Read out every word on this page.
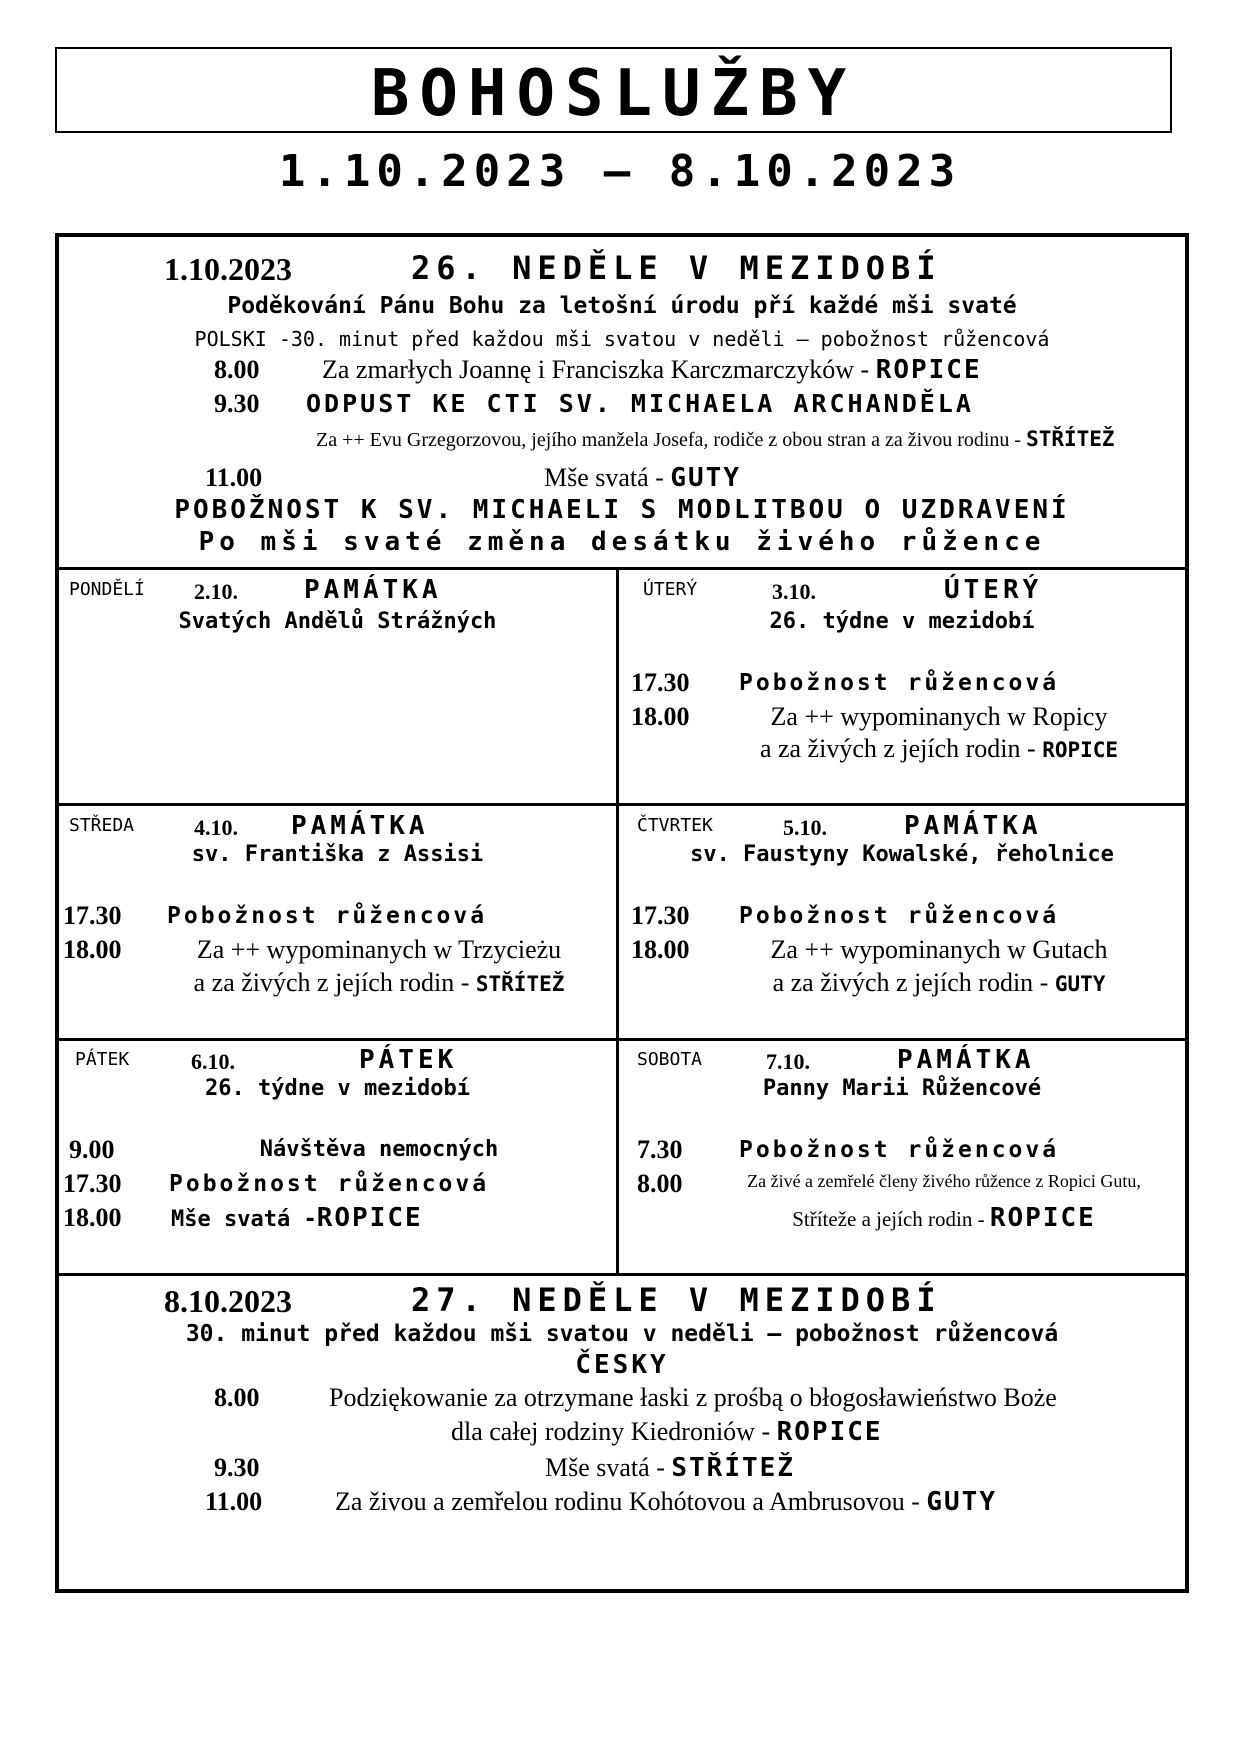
BOHOSLUŽBY
1.10.2023 – 8.10.2023
1.10.2023	26. NEDĚLE V MEZIDOBÍ
Poděkování Pánu Bohu za letošní úrodu pří každé mši svaté
POLSKI -30. minut před každou mši svatou v neděli – pobožnost růžencová
8.00 Za zmarłych Joannę i Franciszka Karczmarczyków - ROPICE
9.30 ODPUST KE CTI SV. MICHAELA ARCHANDĚLA
Za ++ Evu Grzegorzovou, jejího manžela Josefa, rodiče z obou stran a za živou rodinu - STŘÍTEŽ
11.00	Mše svatá - GUTY
POBOŽNOST K SV. MICHAELI S MODLITBOU O UZDRAVENÍ
Po mši svaté změna desátku živého růžence
PONDĚLÍ 2.10.	PAMÁTKA
Svatých Andělů Strážných
ÚTERÝ	3.10.	ÚTERÝ
26. týdne v mezidobí
17.30 Pobožnost růžencová
18.00	Za ++ wypominanych w Ropicy
a za živých z jejích rodin - ROPICE
STŘEDA	4.10. PAMÁTKA
sv. Františka z Assisi
17.30 Pobožnost růžencová
18.00	Za ++ wypominanych w Trzycieżu
a za živých z jejích rodin - STŘÍTEŽ
ČTVRTEK	5.10.	PAMÁTKA
sv. Faustyny Kowalské, řeholnice
17.30 Pobožnost růžencová
18.00	Za ++ wypominanych w Gutach
a za živých z jejích rodin - GUTY
PÁTEK	6.10.	PÁTEK
26. týdne v mezidobí
9.00	Návštěva nemocných
17.30 Pobožnost růžencová
18.00 Mše svatá -ROPICE
SOBOTA	7.10.	PAMÁTKA
Panny Marii Růžencové
7.30 Pobožnost růžencová
8.00	Za živé a zemřelé členy živého růžence z Ropici Gutu,
Stříteže a jejích rodin - ROPICE
8.10.2023	27. NEDĚLE V MEZIDOBÍ
30. minut před každou mši svatou v neděli – pobožnost růžencová
ČESKY
8.00	Podziękowanie za otrzymane łaski z prośbą o błogosławieństwo Boże
dla całej rodziny Kiedroniów - ROPICE
9.30	Mše svatá - STŘÍTEŽ
11.00	Za živou a zemřelou rodinu Kohótovou a Ambrusovou - GUTY
